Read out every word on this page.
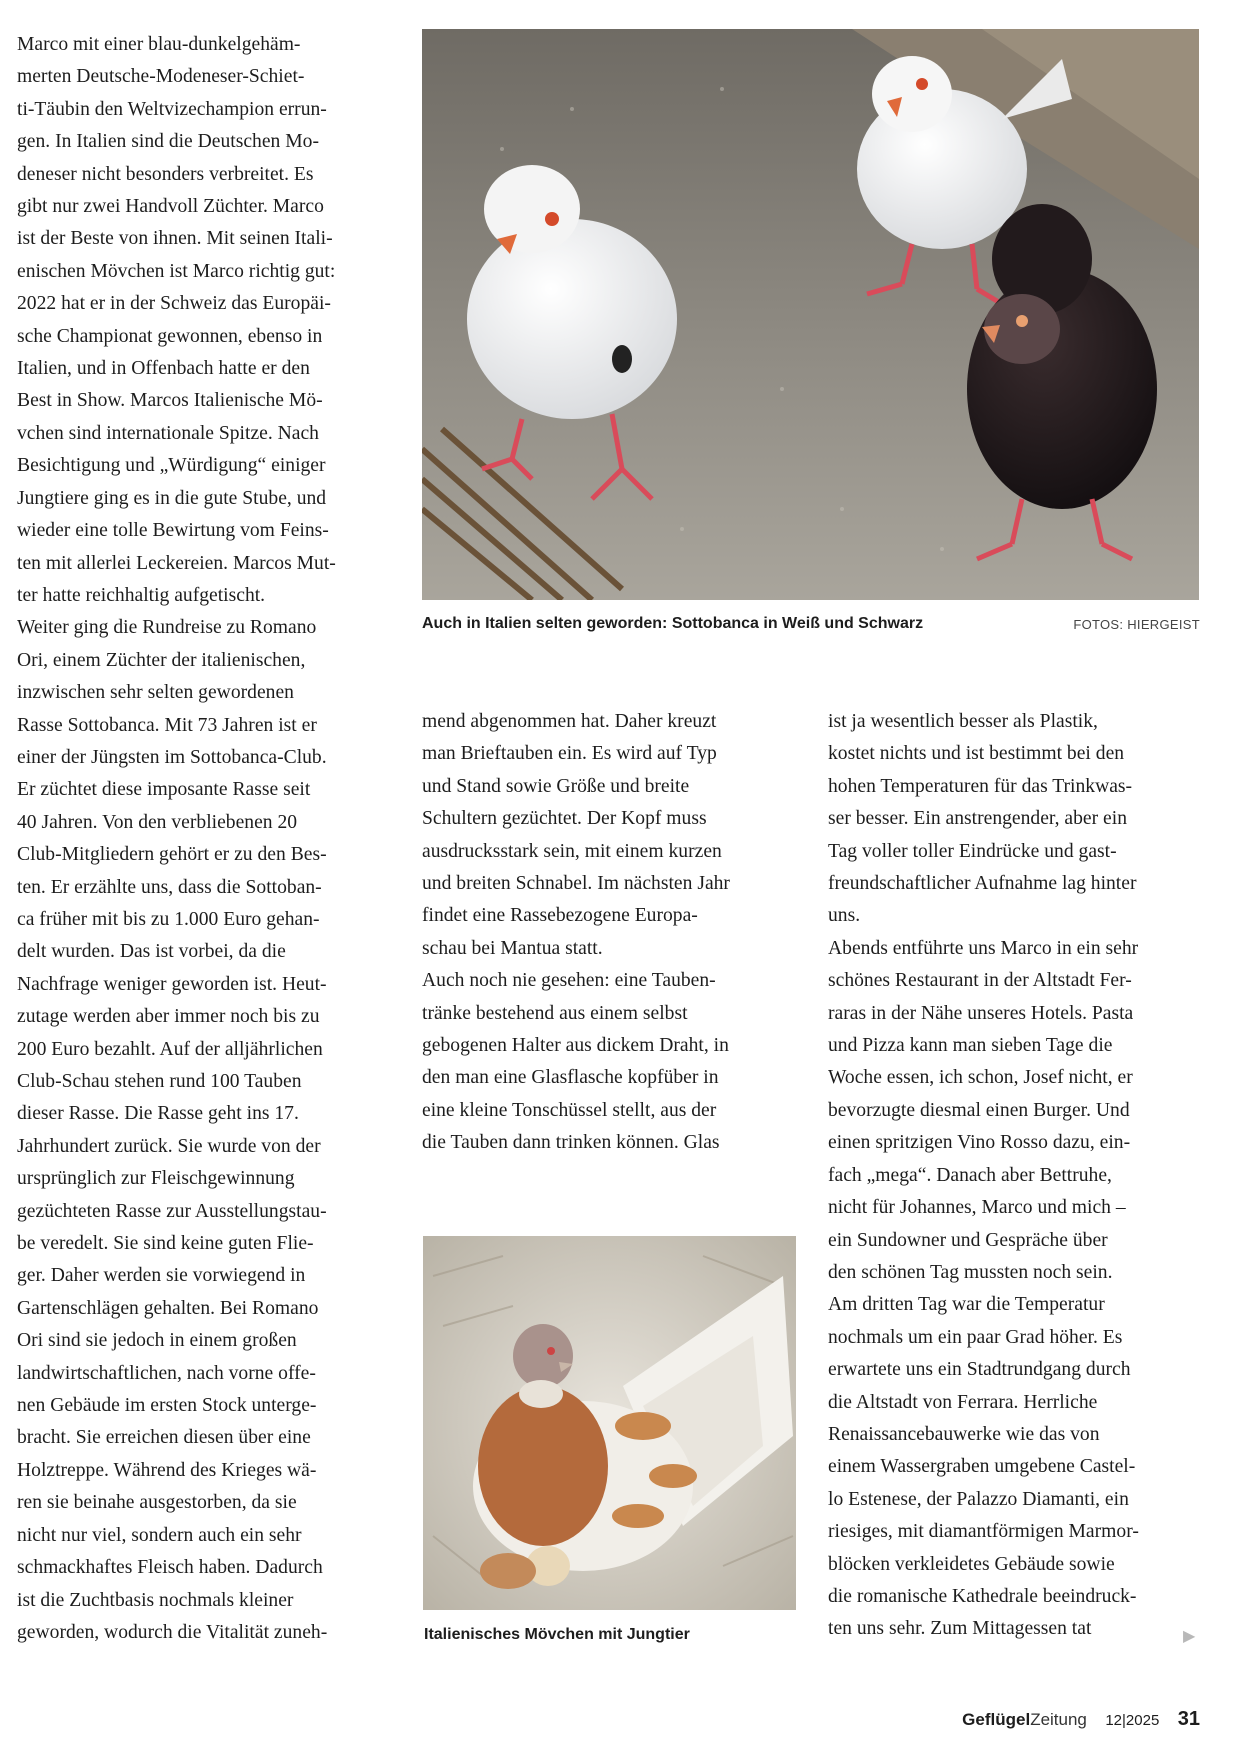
Marco mit einer blau-dunkelgehäm-
merten Deutsche-Modeneser-Schiet-
ti-Täubin den Weltvizechampion errun-
gen. In Italien sind die Deutschen Mo-
deneser nicht besonders verbreitet. Es
gibt nur zwei Handvoll Züchter. Marco
ist der Beste von ihnen. Mit seinen Itali-
enischen Mövchen ist Marco richtig gut:
2022 hat er in der Schweiz das Europäi-
sche Championat gewonnen, ebenso in
Italien, und in Offenbach hatte er den
Best in Show. Marcos Italienische Mö-
vchen sind internationale Spitze. Nach
Besichtigung und „Würdigung“ einiger
Jungtiere ging es in die gute Stube, und
wieder eine tolle Bewirtung vom Feins-
ten mit allerlei Leckereien. Marcos Mut-
ter hatte reichhaltig aufgetischt.
Weiter ging die Rundreise zu Romano
Ori, einem Züchter der italienischen,
inzwischen sehr selten gewordenen
Rasse Sottobanca. Mit 73 Jahren ist er
einer der Jüngsten im Sottobanca-Club.
Er züchtet diese imposante Rasse seit
40 Jahren. Von den verbliebenen 20
Club-Mitgliedern gehört er zu den Bes-
ten. Er erzählte uns, dass die Sottoban-
ca früher mit bis zu 1.000 Euro gehan-
delt wurden. Das ist vorbei, da die
Nachfrage weniger geworden ist. Heut-
zutage werden aber immer noch bis zu
200 Euro bezahlt. Auf der alljährlichen
Club-Schau stehen rund 100 Tauben
dieser Rasse. Die Rasse geht ins 17.
Jahrhundert zurück. Sie wurde von der
ursprünglich zur Fleischgewinnung
gezüchteten Rasse zur Ausstellungstau-
be veredelt. Sie sind keine guten Flie-
ger. Daher werden sie vorwiegend in
Gartenschlägen gehalten. Bei Romano
Ori sind sie jedoch in einem großen
landwirtschaftlichen, nach vorne offe-
nen Gebäude im ersten Stock unterge-
bracht. Sie erreichen diesen über eine
Holztreppe. Während des Krieges wä-
ren sie beinahe ausgestorben, da sie
nicht nur viel, sondern auch ein sehr
schmackhaftes Fleisch haben. Dadurch
ist die Zuchtbasis nochmals kleiner
geworden, wodurch die Vitalität zuneh-
Auch in Italien selten geworden: Sottobanca in Weiß und Schwarz	FOTOS: HIERGEIST
mend abgenommen hat. Daher kreuzt
man Brieftauben ein. Es wird auf Typ
und Stand sowie Größe und breite
Schultern gezüchtet. Der Kopf muss
ausdrucksstark sein, mit einem kurzen
und breiten Schnabel. Im nächsten Jahr
findet eine Rassebezogene Europa-
schau bei Mantua statt.
Auch noch nie gesehen: eine Tauben-
tränke bestehend aus einem selbst
gebogenen Halter aus dickem Draht, in
den man eine Glasflasche kopfüber in
eine kleine Tonschüssel stellt, aus der
die Tauben dann trinken können. Glas
ist ja wesentlich besser als Plastik,
kostet nichts und ist bestimmt bei den
hohen Temperaturen für das Trinkwas-
ser besser. Ein anstrengender, aber ein
Tag voller toller Eindrücke und gast-
freundschaftlicher Aufnahme lag hinter
uns.
Abends entführte uns Marco in ein sehr
schönes Restaurant in der Altstadt Fer-
raras in der Nähe unseres Hotels. Pasta
und Pizza kann man sieben Tage die
Woche essen, ich schon, Josef nicht, er
bevorzugte diesmal einen Burger. Und
einen spritzigen Vino Rosso dazu, ein-
fach „mega“. Danach aber Bettruhe,
nicht für Johannes, Marco und mich –
ein Sundowner und Gespräche über
den schönen Tag mussten noch sein.
Am dritten Tag war die Temperatur
nochmals um ein paar Grad höher. Es
erwartete uns ein Stadtrundgang durch
die Altstadt von Ferrara. Herrliche
Renaissancebauwerke wie das von
einem Wassergraben umgebene Castel-
lo Estenese, der Palazzo Diamanti, ein
riesiges, mit diamantförmigen Marmor-
blöcken verkleidetes Gebäude sowie
die romanische Kathedrale beeindruck-
ten uns sehr. Zum Mittagessen tat
Italienisches Mövchen mit Jungtier	▶
GeflügelZeitung 12|2025 31
